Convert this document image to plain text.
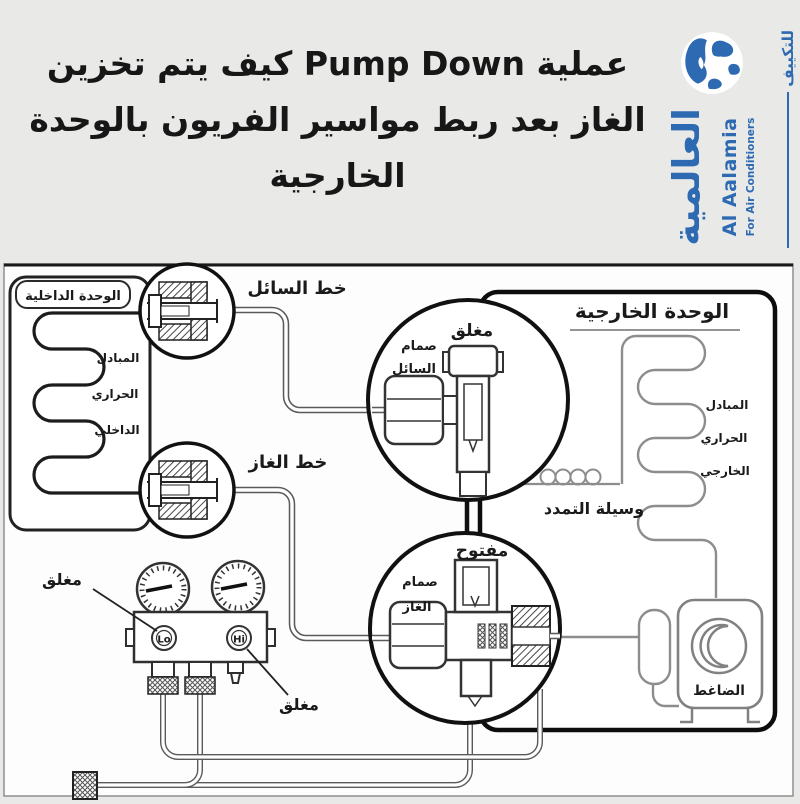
عملية Pump Down كيف يتم تخزين
الغاز بعد ربط مواسير الفريون بالوحدة
الخارجية	العالمية Al Aalamia For Air Conditioners
للتكييف
الوحدة الخارجية
المبادل
الحراري
الخارجي
وسيلة التمدد
الضاغط
الوحدة الداخلية
المبادل
الحراري
الداخلي
Lo	Hi
مغلق
مغلق
مغلق
صمام
السائل
مفتوح
صمام
الغاز
خط السائل
خط الغاز
